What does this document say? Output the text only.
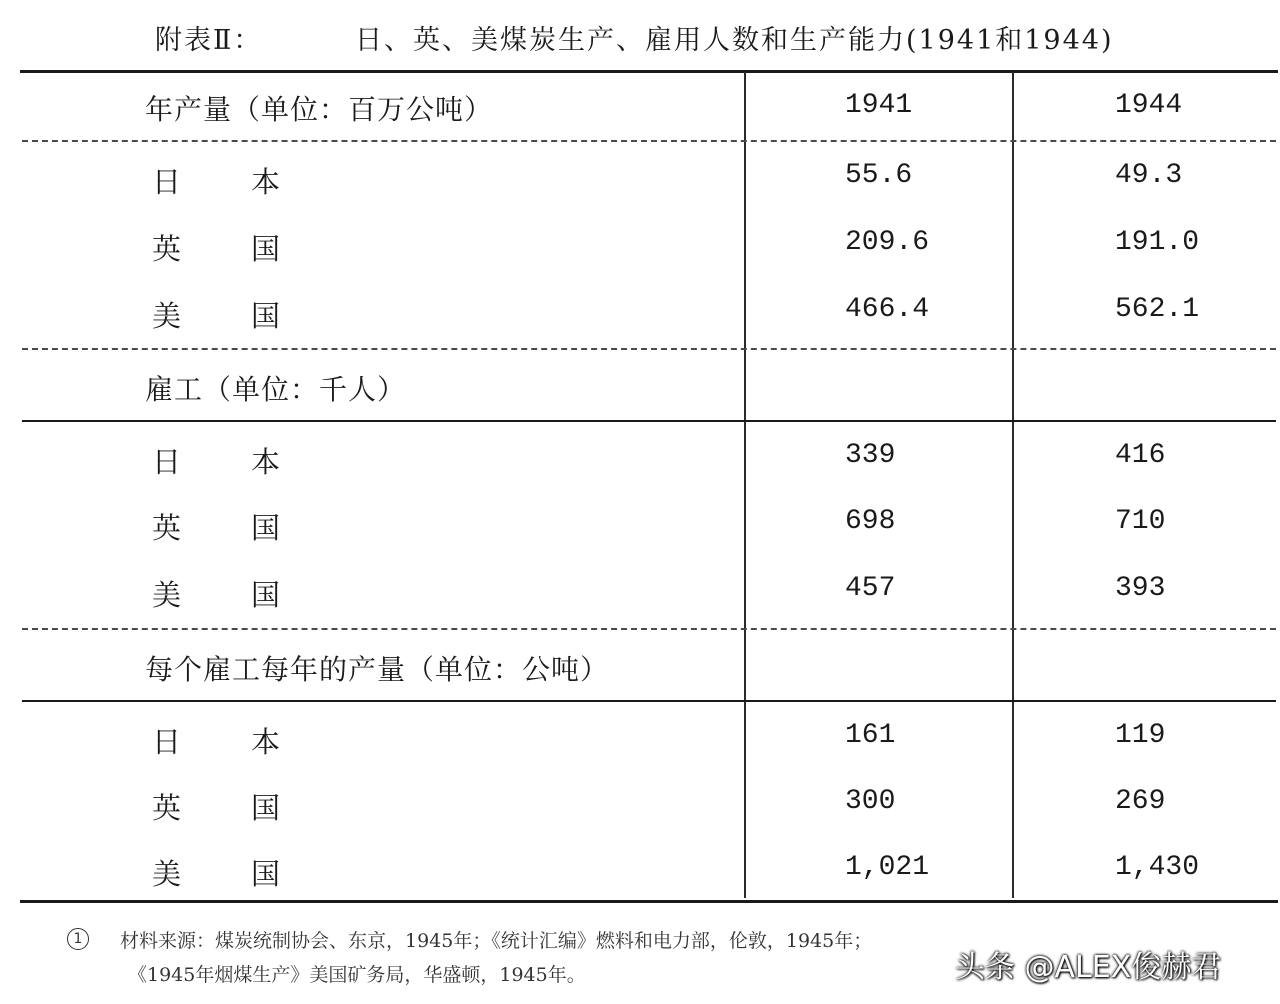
附表Ⅱ：	日、英、美煤炭生产、雇用人数和生产能力(1941和1944)
年产量（单位：百万公吨）	1941	1944
日本	55.6	49.3
英国	209.6	191.0
美国	466.4	562.1
雇工（单位：千人）
日本	339	416
英国	698	710
美国	457	393
每个雇工每年的产量（单位：公吨）
日本	161	119
英国	300	269
美国	1,021	1,430
1	材料来源：煤炭统制协会、东京，1945年；《统计汇编》燃料和电力部，伦敦，1945年；
《1945年烟煤生产》美国矿务局，华盛顿，1945年。	头条 @ALEX俊赫君
